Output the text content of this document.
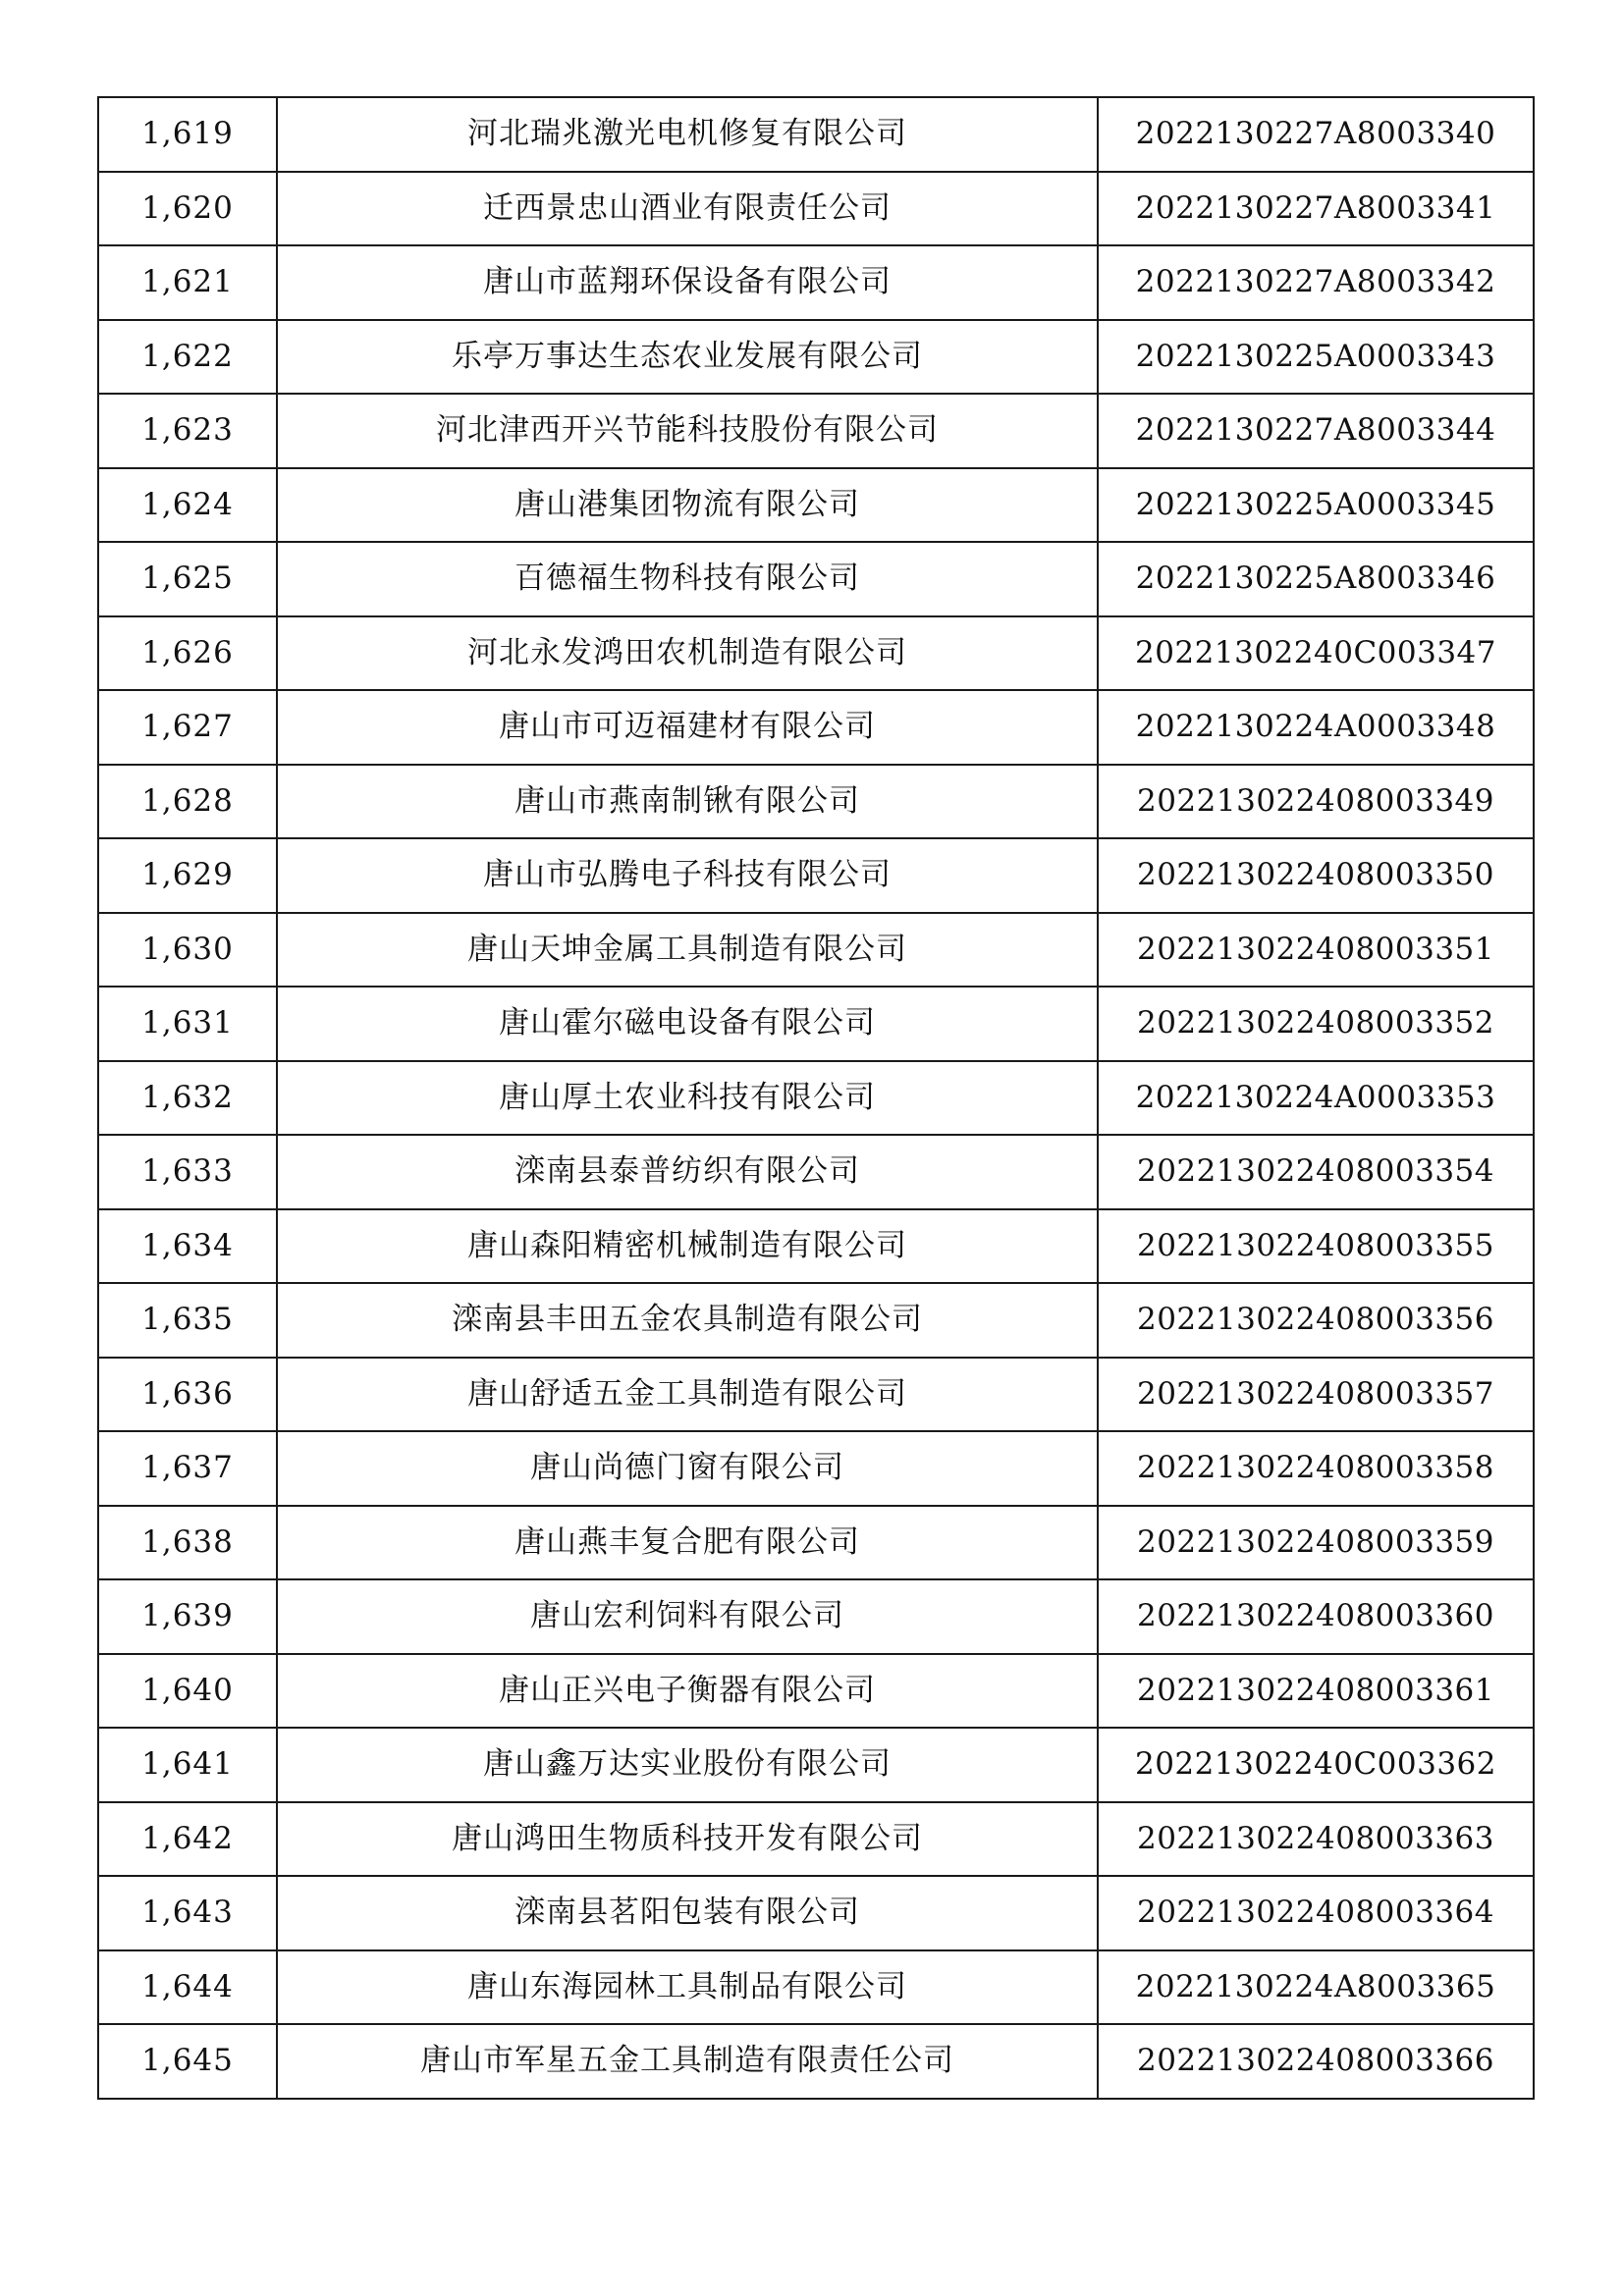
1,619	河北瑞兆激光电机修复有限公司	2022130227A8003340
1,620	迁西景忠山酒业有限责任公司	2022130227A8003341
1,621	唐山市蓝翔环保设备有限公司	2022130227A8003342
1,622	乐亭万事达生态农业发展有限公司	2022130225A0003343
1,623	河北津西开兴节能科技股份有限公司	2022130227A8003344
1,624	唐山港集团物流有限公司	2022130225A0003345
1,625	百德福生物科技有限公司	2022130225A8003346
1,626	河北永发鸿田农机制造有限公司	20221302240C003347
1,627	唐山市可迈福建材有限公司	2022130224A0003348
1,628	唐山市燕南制锹有限公司	20221302240800334​9
1,629	唐山市弘腾电子科技有限公司	202213022408003350
1,630	唐山天坤金属工具制造有限公司	202213022408003351
1,631	唐山霍尔磁电设备有限公司	202213022408003352
1,632	唐山厚土农业科技有限公司	2022130224A0003353
1,633	滦南县泰普纺织有限公司	202213022408003354
1,634	唐山森阳精密机械制造有限公司	202213022408003355
1,635	滦南县丰田五金农具制造有限公司	202213022408003356
1,636	唐山舒适五金工具制造有限公司	202213022408003357
1,637	唐山尚德门窗有限公司	202213022408003358
1,638	唐山燕丰复合肥有限公司	202213022408003359
1,639	唐山宏利饲料有限公司	202213022408003360
1,640	唐山正兴电子衡器有限公司	202213022408003361
1,641	唐山鑫万达实业股份有限公司	20221302240C003362
1,642	唐山鸿田生物质科技开发有限公司	202213022408003363
1,643	滦南县茗阳包装有限公司	202213022408003364
1,644	唐山东海园林工具制品有限公司	2022130224A8003365
1,645	唐山市军星五金工具制造有限责任公司	202213022408003366
